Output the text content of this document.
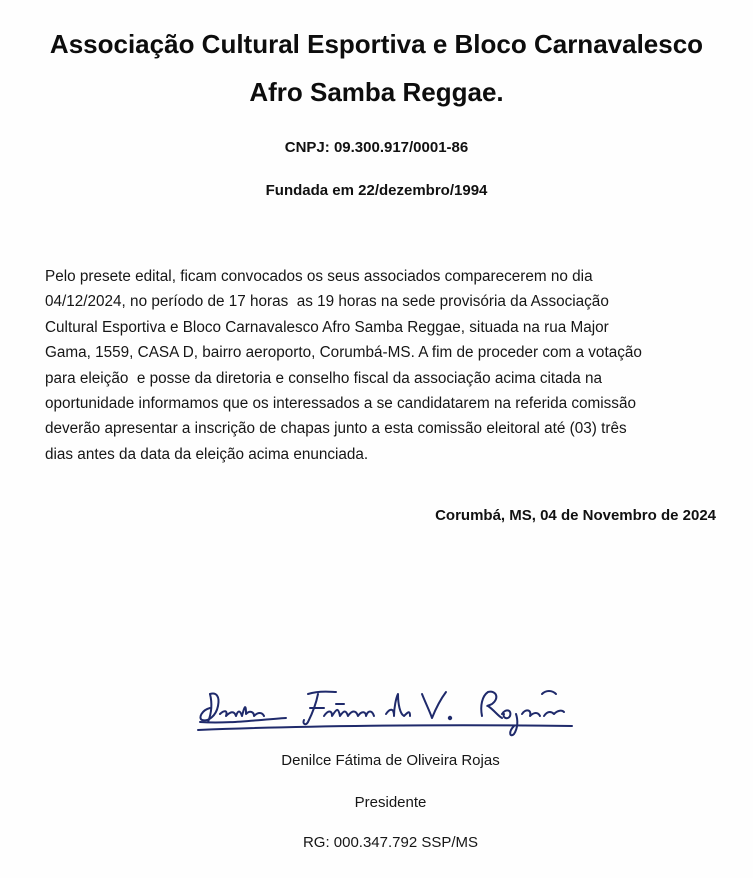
Associação Cultural Esportiva e Bloco Carnavalesco
Afro Samba Reggae.

CNPJ: 09.300.917/0001-86

Fundada em 22/dezembro/1994

Pelo presete edital, ficam convocados os seus associados comparecerem no dia
04/12/2024, no período de 17 horas  as 19 horas na sede provisória da Associação
Cultural Esportiva e Bloco Carnavalesco Afro Samba Reggae, situada na rua Major
Gama, 1559, CASA D, bairro aeroporto, Corumbá-MS. A fim de proceder com a votação
para eleição  e posse da diretoria e conselho fiscal da associação acima citada na
oportunidade informamos que os interessados a se candidatarem na referida comissão
deverão apresentar a inscrição de chapas junto a esta comissão eleitoral até (03) três
dias antes da data da eleição acima enunciada.

Corumbá, MS, 04 de Novembro de 2024

Denilce Fátima de Oliveira Rojas

Presidente

RG: 000.347.792 SSP/MS
